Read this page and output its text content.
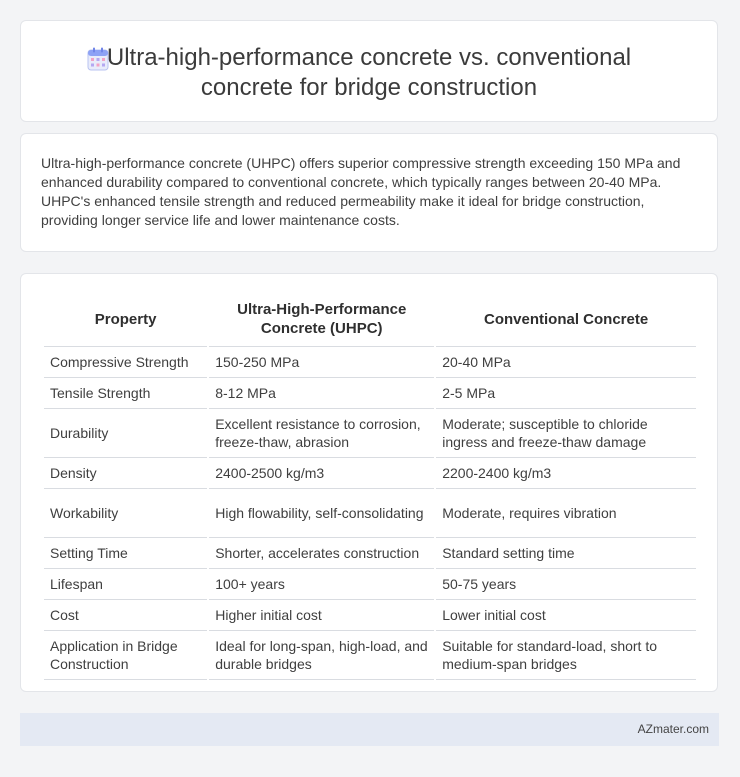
Ultra-high-performance concrete vs. conventional concrete for bridge construction

Ultra-high-performance concrete (UHPC) offers superior compressive strength exceeding 150 MPa and enhanced durability compared to conventional concrete, which typically ranges between 20-40 MPa. UHPC's enhanced tensile strength and reduced permeability make it ideal for bridge construction, providing longer service life and lower maintenance costs.

Property	Ultra-High-Performance Concrete (UHPC)	Conventional Concrete
Compressive Strength	150-250 MPa	20-40 MPa
Tensile Strength	8-12 MPa	2-5 MPa
Durability	Excellent resistance to corrosion, freeze-thaw, abrasion	Moderate; susceptible to chloride ingress and freeze-thaw damage
Density	2400-2500 kg/m3	2200-2400 kg/m3
Workability	High flowability, self-consolidating	Moderate, requires vibration
Setting Time	Shorter, accelerates construction	Standard setting time
Lifespan	100+ years	50-75 years
Cost	Higher initial cost	Lower initial cost
Application in Bridge Construction	Ideal for long-span, high-load, and durable bridges	Suitable for standard-load, short to medium-span bridges
AZmater.com
